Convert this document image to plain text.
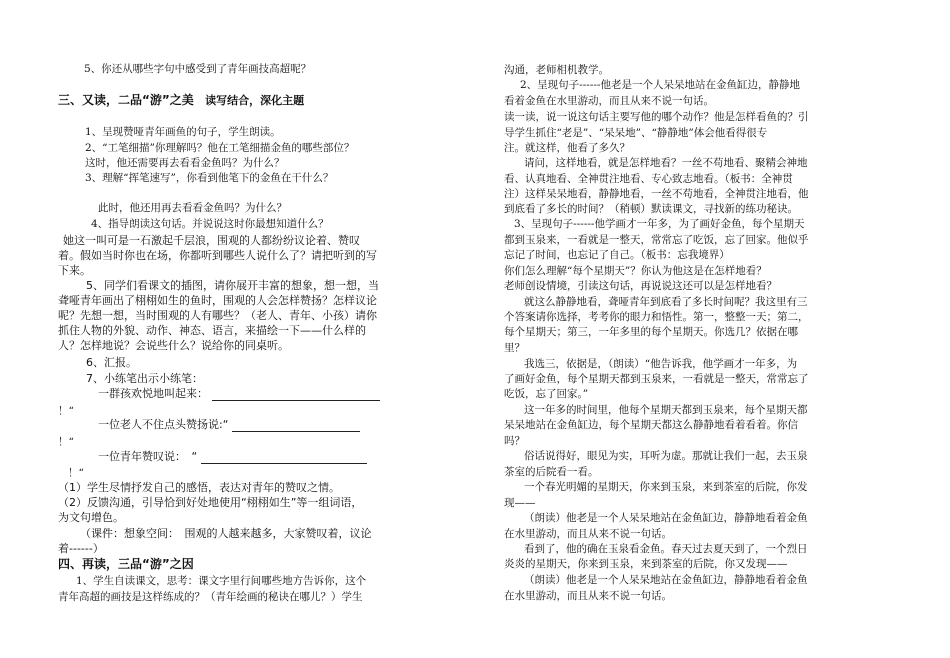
5、你还从哪些字句中感受到了青年画技高超呢？
三、又读，二品“游”之美 读写结合，深化主题
1、呈现赞哑青年画鱼的句子，学生朗读。
2、“工笔细描”你理解吗？他在工笔细描金鱼的哪些部位？
这时，他还需要再去看看金鱼吗？为什么？
3、理解“挥笔速写”，你看到他笔下的金鱼在干什么？
此时，他还用再去看看金鱼吗？为什么？
4、指导朗读这句话。并说说这时你最想知道什么？
她这一叫可是一石激起千层浪，围观的人都纷纷议论着、赞叹
着。假如当时你也在场，你都听到哪些人说什么了？请把听到的写
下来。
5、同学们看课文的插图，请你展开丰富的想象，想一想，当
聋哑青年画出了栩栩如生的鱼时，围观的人会怎样赞扬？怎样议论
呢？先想一想，当时围观的人有哪些？（老人、青年、小孩）请你
抓住人物的外貌、动作、神态、语言，来描绘一下——什么样的
人？怎样地说？会说些什么？说给你的同桌听。
6、汇报。
7、小练笔出示小练笔：
一群孩欢悦地叫起来：
！“
一位老人不住点头赞扬说:“
！“
一位青年赞叹说：　“
！“
（1）学生尽情抒发自己的感悟，表达对青年的赞叹之情。
（2）反馈沟通，引导恰到好处地使用“栩栩如生”等一组词语，
为文句增色。
（课件：想象空间：　围观的人越来越多，大家赞叹着，议论
着------）
四、再读，三品“游”之因
1、学生自读课文，思考：课文字里行间哪些地方告诉你，这个
青年高超的画技是这样练成的？（青年绘画的秘诀在哪儿？）学生
沟通，老师相机教学。
2、呈现句子------他老是一个人呆呆地站在金鱼缸边，静静地
看着金鱼在水里游动，而且从来不说一句话。
读一读，说一说这句话主要写他的哪个动作？他是怎样看鱼的？引
导学生抓住“老是”、“呆呆地”、“静静地”体会他看得很专
注。就这样，他看了多久？
请问，这样地看，就是怎样地看？一丝不苟地看、聚精会神地
看、认真地看、全神贯注地看、专心致志地看。（板书：全神贯
注）这样呆呆地看，静静地看，一丝不苟地看，全神贯注地看，他
到底看了多长的时间？（稍顿）默读课文，寻找新的练功秘诀。
3、呈现句子------他学画才一年多，为了画好金鱼，每个星期天
都到玉泉来，一看就是一整天，常常忘了吃饭，忘了回家。他似乎
忘记了时间，也忘记了自己。（板书：忘我境界）
你们怎么理解“每个星期天”？你认为他这是在怎样地看？
老师创设情境，引读这句话，再说说这还可以是怎样地看？
就这么静静地看，聋哑青年到底看了多长时间呢？我这里有三
个答案请你选择，考考你的眼力和悟性。第一，整整一天；第二，
每个星期天；第三，一年多里的每个星期天。你选几？依据在哪
里？
我选三，依据是，（朗读）“他告诉我，他学画才一年多，为
了画好金鱼，每个星期天都到玉泉来，一看就是一整天，常常忘了
吃饭，忘了回家。”
这一年多的时间里，他每个星期天都到玉泉来，每个星期天都
呆呆地站在金鱼缸边，每个星期天都这么静静地看着看着。你信
吗？
俗话说得好，眼见为实，耳听为虚。那就让我们一起，去玉泉
茶室的后院看一看。
一个春光明媚的星期天，你来到玉泉，来到茶室的后院，你发
现——
（朗读）他老是一个人呆呆地站在金鱼缸边，静静地看着金鱼
在水里游动，而且从来不说一句话。
看到了，他的确在玉泉看金鱼。春天过去夏天到了，一个烈日
炎炎的星期天，你来到玉泉，来到茶室的后院，你又发现——
（朗读）他老是一个人呆呆地站在金鱼缸边，静静地看着金鱼
在水里游动，而且从来不说一句话。
